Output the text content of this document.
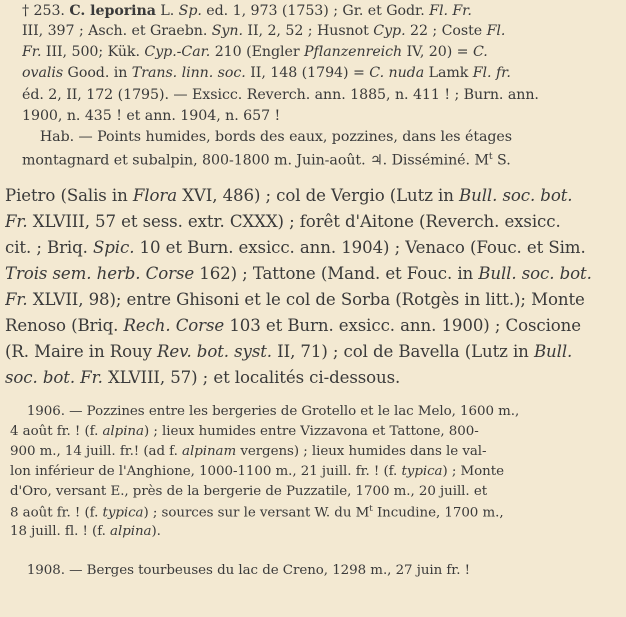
† 253. C. leporina L. Sp. ed. 1, 973 (1753) ; Gr. et Godr. Fl. Fr.
III, 397 ; Asch. et Graebn. Syn. II, 2, 52 ; Husnot Cyp. 22 ; Coste Fl.
Fr. III, 500; Kük. Cyp.-Car. 210 (Engler Pflanzenreich IV, 20) = C.
ovalis Good. in Trans. linn. soc. II, 148 (1794) = C. nuda Lamk Fl. fr.
éd. 2, II, 172 (1795). — Exsicc. Reverch. ann. 1885, n. 411 ! ; Burn. ann.
1900, n. 435 ! et ann. 1904, n. 657 !
Hab. — Points humides, bords des eaux, pozzines, dans les étages
montagnard et subalpin, 800-1800 m. Juin-août. ♃. Disséminé. $M^t$ S.
Pietro (Salis in Flora XVI, 486) ; col de Vergio (Lutz in Bull. soc. bot.
Fr. XLVIII, 57 et sess. extr. CXXX) ; forêt d'Aitone (Reverch. exsicc.
cit. ; Briq. Spic. 10 et Burn. exsicc. ann. 1904) ; Venaco (Fouc. et Sim.
Trois sem. herb. Corse 162) ; Tattone (Mand. et Fouc. in Bull. soc. bot.
Fr. XLVII, 98); entre Ghisoni et le col de Sorba (Rotgès in litt.); Monte
Renoso (Briq. Rech. Corse 103 et Burn. exsicc. ann. 1900) ; Coscione
(R. Maire in Rouy Rev. bot. syst. II, 71) ; col de Bavella (Lutz in Bull.
soc. bot. Fr. XLVIII, 57) ; et localités ci-dessous.
1906. — Pozzines entre les bergeries de Grotello et le lac Melo, 1600 m.,
4 août fr. ! (f. alpina) ; lieux humides entre Vizzavona et Tattone, 800-
900 m., 14 juill. fr.! (ad f. alpinam vergens) ; lieux humides dans le val-
lon inférieur de l'Anghione, 1000-1100 m., 21 juill. fr. ! (f. typica) ; Monte
d'Oro, versant E., près de la bergerie de Puzzatile, 1700 m., 20 juill. et
8 août fr. ! (f. typica) ; sources sur le versant W. du $M^t$ Incudine, 1700 m.,
18 juill. fl. ! (f. alpina).

1908. — Berges tourbeuses du lac de Creno, 1298 m., 27 juin fr. !
